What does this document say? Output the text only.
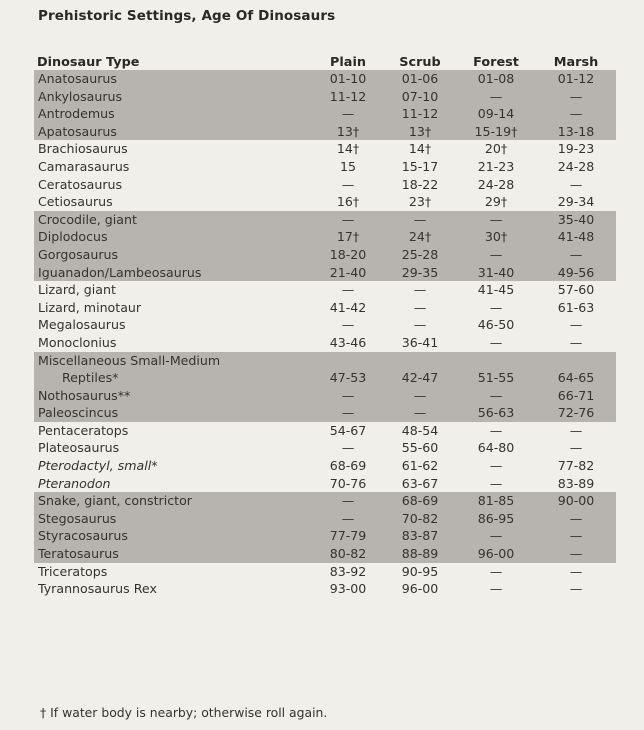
Prehistoric Settings, Age Of Dinosaurs
Dinosaur Type	Plain	Scrub	Forest	Marsh
Anatosaurus	01-10	01-06	01-08	01-12
Ankylosaurus	11-12	07-10	—	—
Antrodemus	—	11-12	09-14	—
Apatosaurus	13†	13†	15-19†	13-18
Brachiosaurus	14†	14†	20†	19-23
Camarasaurus	15	15-17	21-23	24-28
Ceratosaurus	—	18-22	24-28	—
Cetiosaurus	16†	23†	29†	29-34
Crocodile, giant	—	—	—	35-40
Diplodocus	17†	24†	30†	41-48
Gorgosaurus	18-20	25-28	—	—
Iguanadon/Lambeosaurus	21-40	29-35	31-40	49-56
Lizard, giant	—	—	41-45	57-60
Lizard, minotaur	41-42	—	—	61-63
Megalosaurus	—	—	46-50	—
Monoclonius	43-46	36-41	—	—
Miscellaneous Small-Medium				
Reptiles*	47-53	42-47	51-55	64-65
Nothosaurus**	—	—	—	66-71
Paleoscincus	—	—	56-63	72-76
Pentaceratops	54-67	48-54	—	—
Plateosaurus	—	55-60	64-80	—
Pterodactyl, small*	68-69	61-62	—	77-82
Pteranodon	70-76	63-67	—	83-89
Snake, giant, constrictor	—	68-69	81-85	90-00
Stegosaurus	—	70-82	86-95	—
Styracosaurus	77-79	83-87	—	—
Teratosaurus	80-82	88-89	96-00	—
Triceratops	83-92	90-95	—	—
Tyrannosaurus Rex	93-00	96-00	—	—
† If water body is nearby; otherwise roll again.
